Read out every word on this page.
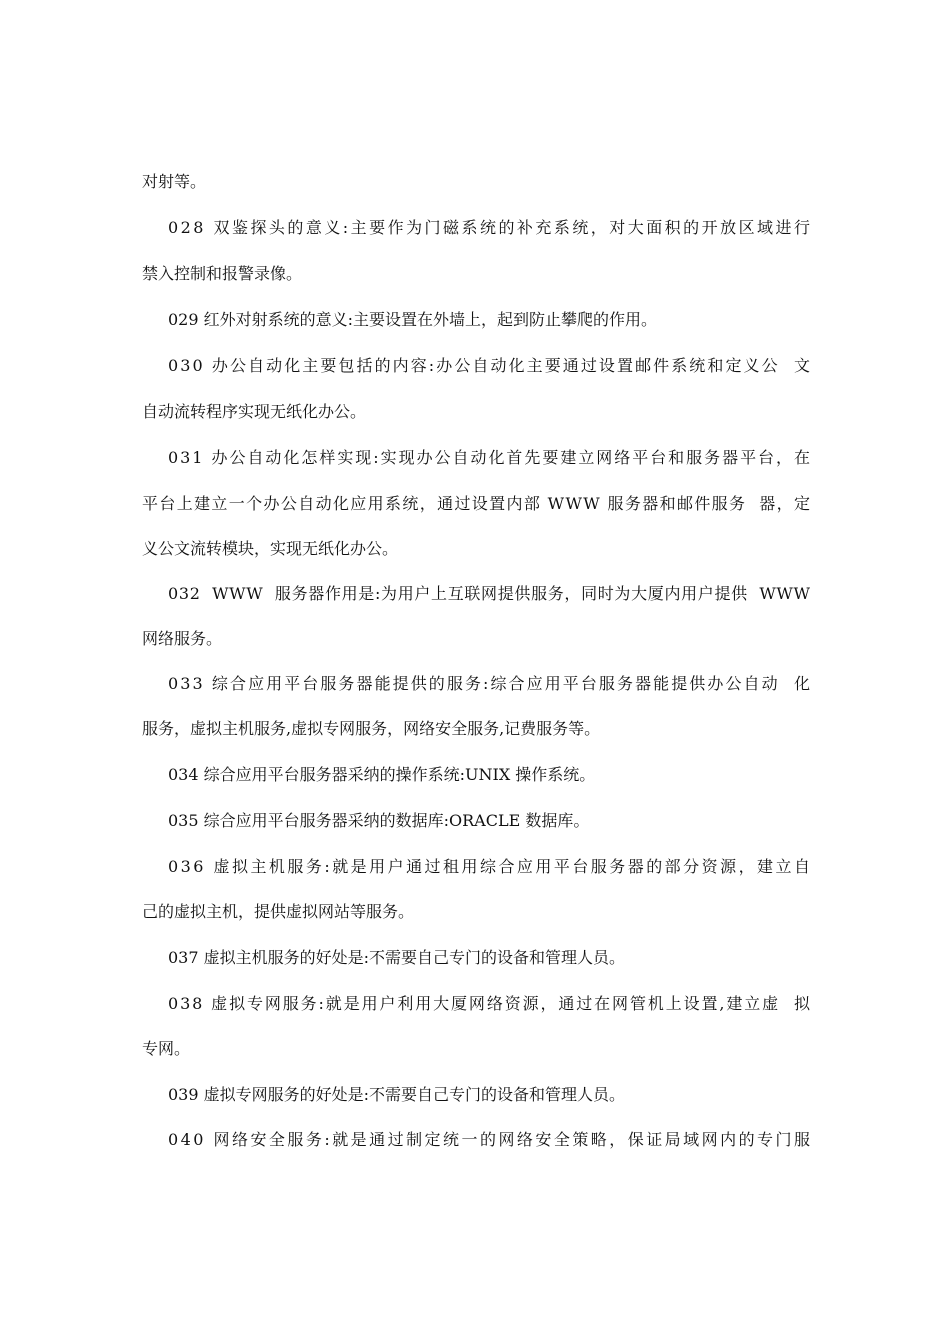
对射等。
028 双鉴探头的意义:主要作为门磁系统的补充系统，对大面积的开放区域进行
禁入控制和报警录像。
029 红外对射系统的意义:主要设置在外墙上，起到防止攀爬的作用。
030 办公自动化主要包括的内容:办公自动化主要通过设置邮件系统和定义公  文
自动流转程序实现无纸化办公。
031 办公自动化怎样实现:实现办公自动化首先要建立网络平台和服务器平台，在
平台上建立一个办公自动化应用系统，通过设置内部 WWW 服务器和邮件服务  器，定
义公文流转模块，实现无纸化办公。
032  WWW  服务器作用是:为用户上互联网提供服务，同时为大厦内用户提供  WWW
网络服务。
033 综合应用平台服务器能提供的服务:综合应用平台服务器能提供办公自动  化
服务，虚拟主机服务,虚拟专网服务，网络安全服务,记费服务等。
034 综合应用平台服务器采纳的操作系统:UNIX 操作系统。
035 综合应用平台服务器采纳的数据库:ORACLE 数据库。
036 虚拟主机服务:就是用户通过租用综合应用平台服务器的部分资源，建立自
己的虚拟主机，提供虚拟网站等服务。
037 虚拟主机服务的好处是:不需要自己专门的设备和管理人员。
038 虚拟专网服务:就是用户利用大厦网络资源，通过在网管机上设置,建立虚  拟
专网。
039 虚拟专网服务的好处是:不需要自己专门的设备和管理人员。
040 网络安全服务:就是通过制定统一的网络安全策略，保证局域网内的专门服
